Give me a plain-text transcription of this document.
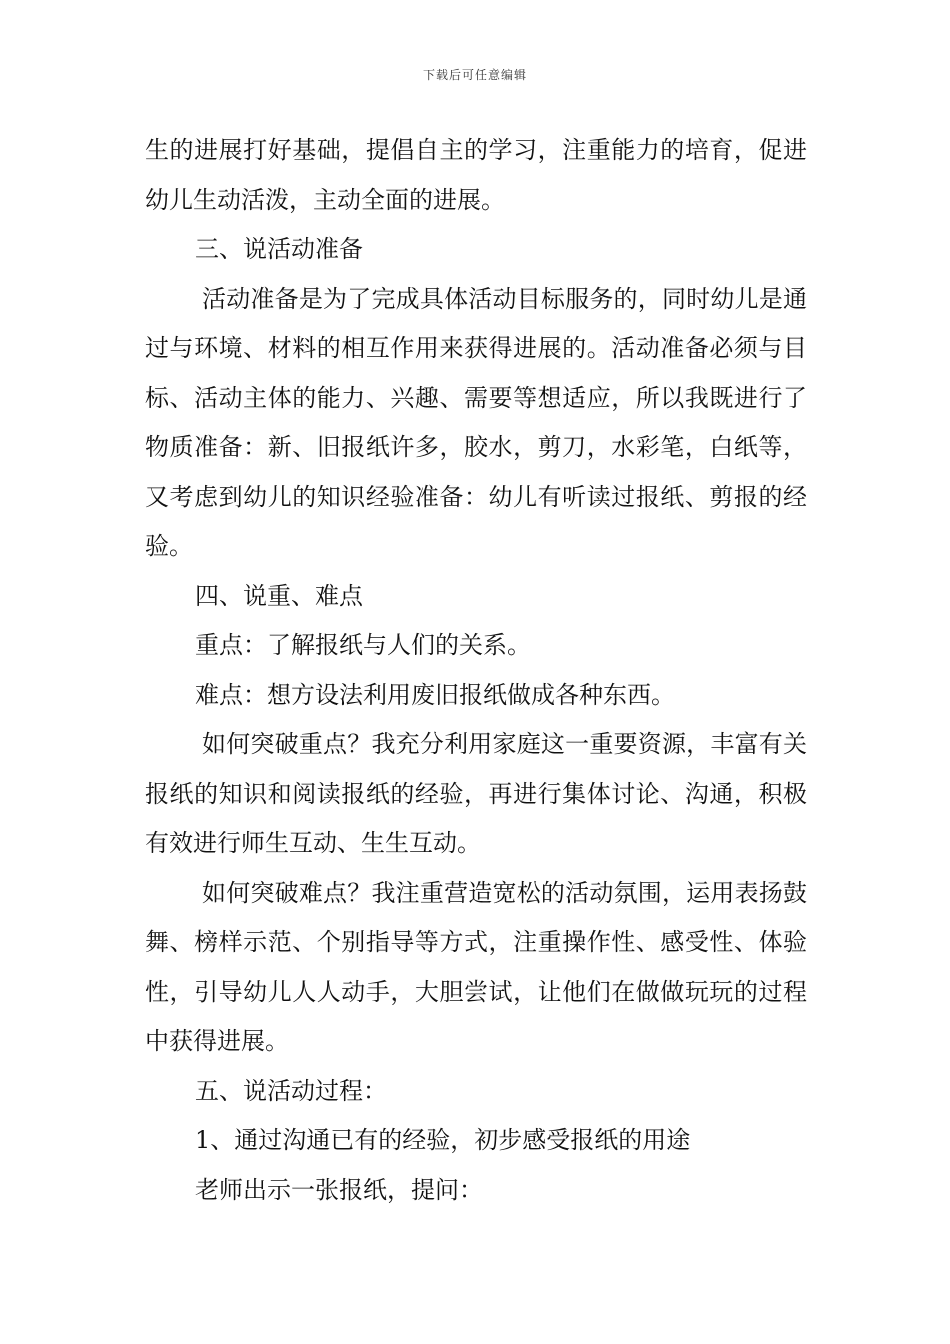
下载后可任意编辑

生的进展打好基础，提倡自主的学习，注重能力的培育，促进幼儿生动活泼，主动全面的进展。

三、说活动准备

活动准备是为了完成具体活动目标服务的，同时幼儿是通过与环境、材料的相互作用来获得进展的。活动准备必须与目标、活动主体的能力、兴趣、需要等想适应，所以我既进行了物质准备：新、旧报纸许多，胶水，剪刀，水彩笔，白纸等，又考虑到幼儿的知识经验准备：幼儿有听读过报纸、剪报的经验。

四、说重、难点

重点：了解报纸与人们的关系。

难点：想方设法利用废旧报纸做成各种东西。

如何突破重点？我充分利用家庭这一重要资源，丰富有关报纸的知识和阅读报纸的经验，再进行集体讨论、沟通，积极有效进行师生互动、生生互动。

如何突破难点？我注重营造宽松的活动氛围，运用表扬鼓舞、榜样示范、个别指导等方式，注重操作性、感受性、体验性，引导幼儿人人动手，大胆尝试，让他们在做做玩玩的过程中获得进展。

五、说活动过程：

1、通过沟通已有的经验，初步感受报纸的用途

老师出示一张报纸，提问：
